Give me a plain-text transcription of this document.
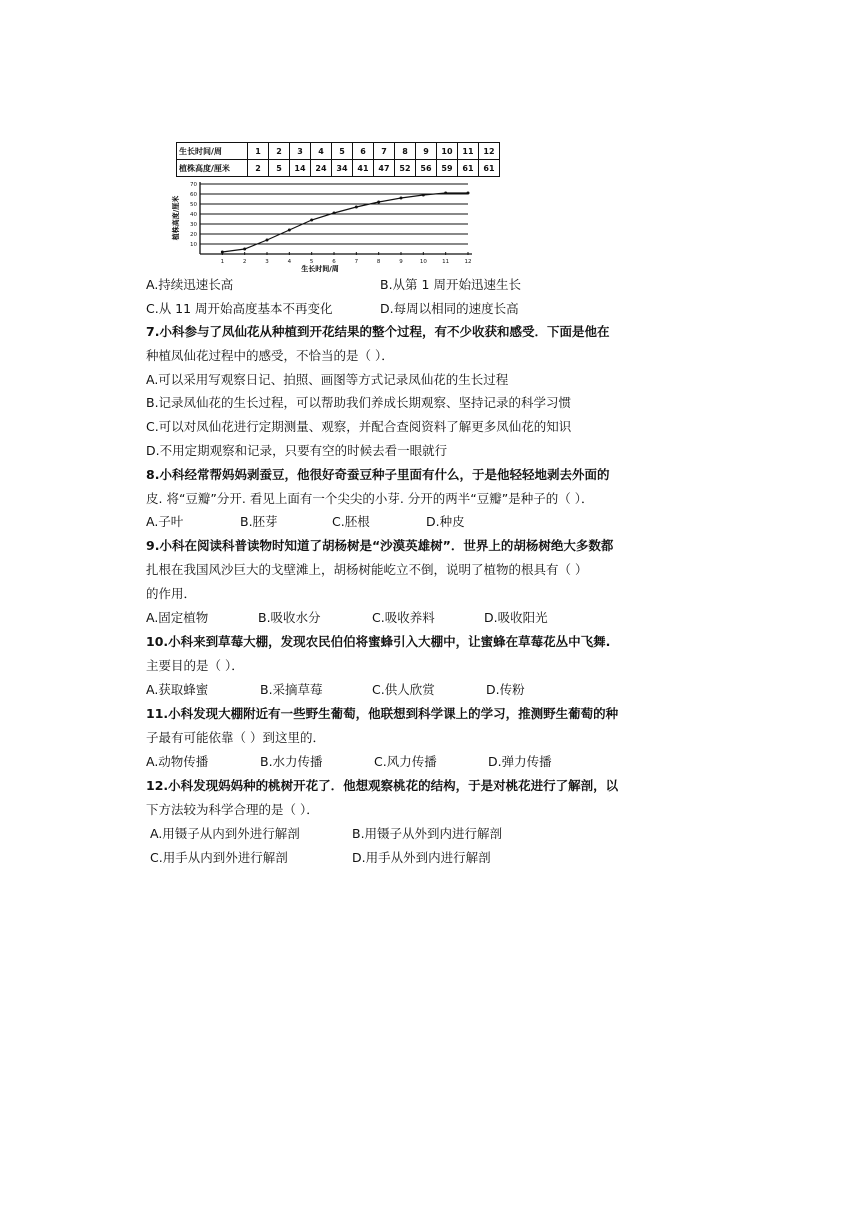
生长时间/周	1	2	3	4	5	6	7	8	9	10	11	12
植株高度/厘米	2	5	14	24	34	41	47	52	56	59	61	61
植株高度/厘米
生长时间/周
10
20
30
40
50
60
70
1	2	3	4	5	6	7	8	9	10	11	12
A.持续迅速长高	B.从第 1 周开始迅速生长
C.从 11 周开始高度基本不再变化	D.每周以相同的速度长高
7.小科参与了凤仙花从种植到开花结果的整个过程，有不少收获和感受．下面是他在
种植凤仙花过程中的感受，不恰当的是（ ）．
A.可以采用写观察日记、拍照、画图等方式记录凤仙花的生长过程
B.记录凤仙花的生长过程，可以帮助我们养成长期观察、坚持记录的科学习惯
C.可以对凤仙花进行定期测量、观察，并配合查阅资料了解更多凤仙花的知识
D.不用定期观察和记录，只要有空的时候去看一眼就行
8.小科经常帮妈妈剥蚕豆，他很好奇蚕豆种子里面有什么，于是他轻轻地剥去外面的
皮. 将“豆瓣”分开. 看见上面有一个尖尖的小芽. 分开的两半“豆瓣”是种子的（ ）．
A.子叶	B.胚芽	C.胚根	D.种皮
9.小科在阅读科普读物时知道了胡杨树是“沙漠英雄树”．世界上的胡杨树绝大多数都
扎根在我国风沙巨大的戈壁滩上，胡杨树能屹立不倒，说明了植物的根具有（ ）
的作用．
A.固定植物	B.吸收水分	C.吸收养料	D.吸收阳光
10.小科来到草莓大棚，发现农民伯伯将蜜蜂引入大棚中，让蜜蜂在草莓花丛中飞舞.
主要目的是（ ）．
A.获取蜂蜜	B.采摘草莓	C.供人欣赏	D.传粉
11.小科发现大棚附近有一些野生葡萄，他联想到科学课上的学习，推测野生葡萄的种
子最有可能依靠（ ）到这里的．
A.动物传播	B.水力传播	C.风力传播	D.弹力传播
12.小科发现妈妈种的桃树开花了．他想观察桃花的结构，于是对桃花进行了解剖，以
下方法较为科学合理的是（ ）．
A.用镊子从内到外进行解剖	B.用镊子从外到内进行解剖
C.用手从内到外进行解剖	D.用手从外到内进行解剖
